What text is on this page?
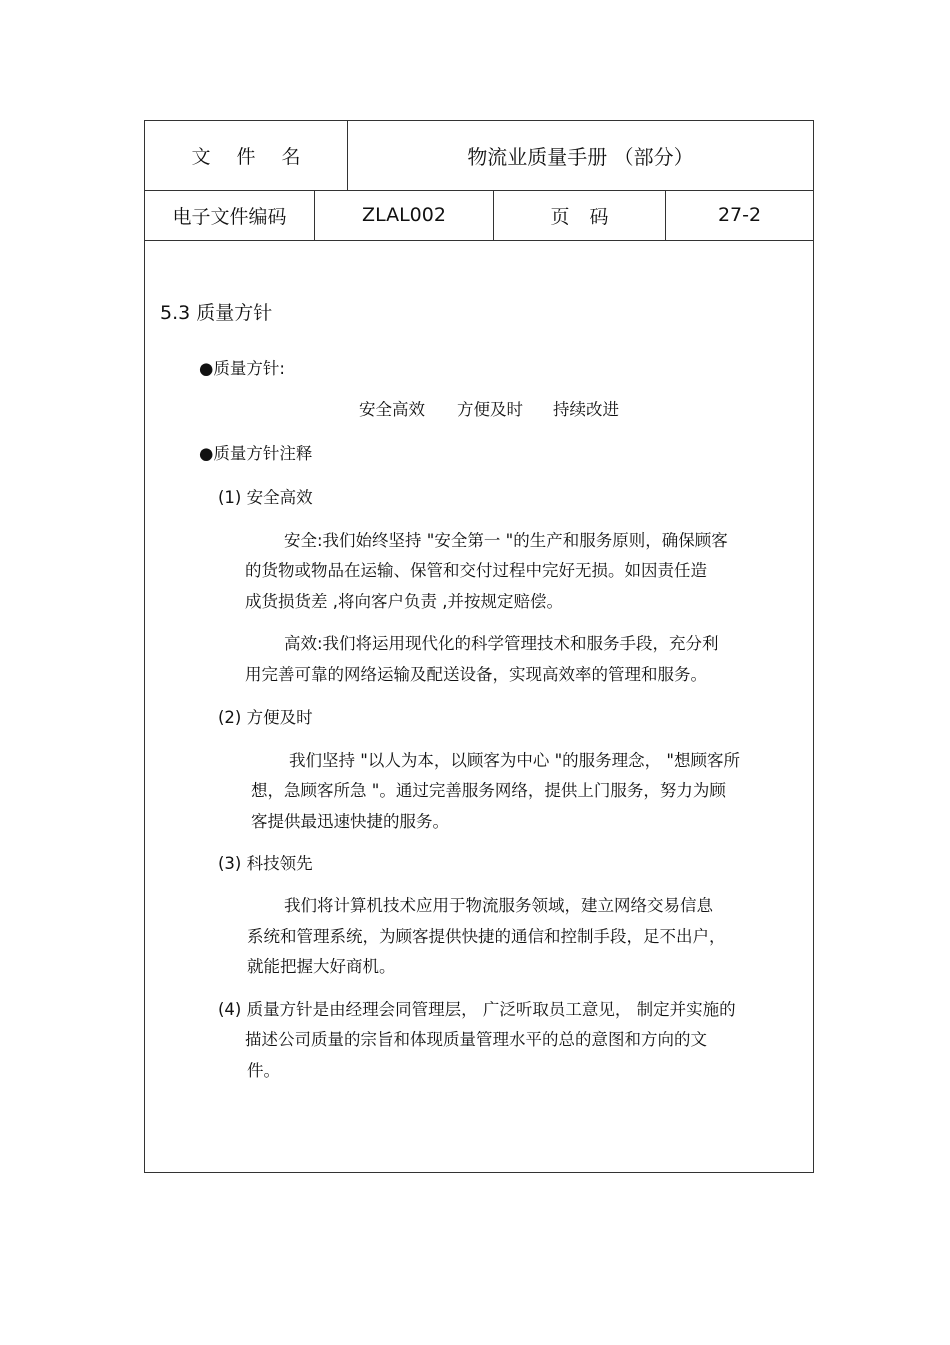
文件名	物流业质量手册 （部分）
电子文件编码	ZLAL002	页码	27-2
5.3 质量方针
●质量方针:
安全高效 方便及时 持续改进
●质量方针注释
(1) 安全高效
安全:我们始终坚持 "安全第一 "的生产和服务原则，确保顾客
的货物或物品在运输、保管和交付过程中完好无损。如因责任造
成货损货差 ,将向客户负责 ,并按规定赔偿。
高效:我们将运用现代化的科学管理技术和服务手段，充分利
用完善可靠的网络运输及配送设备，实现高效率的管理和服务。
(2) 方便及时
我们坚持 "以人为本，以顾客为中心 "的服务理念， "想顾客所
想，急顾客所急 "。通过完善服务网络，提供上门服务，努力为顾
客提供最迅速快捷的服务。
(3) 科技领先
我们将计算机技术应用于物流服务领域，建立网络交易信息
系统和管理系统，为顾客提供快捷的通信和控制手段，足不出户，
就能把握大好商机。
(4) 质量方针是由经理会同管理层， 广泛听取员工意见， 制定并实施的
描述公司质量的宗旨和体现质量管理水平的总的意图和方向的文
件。
